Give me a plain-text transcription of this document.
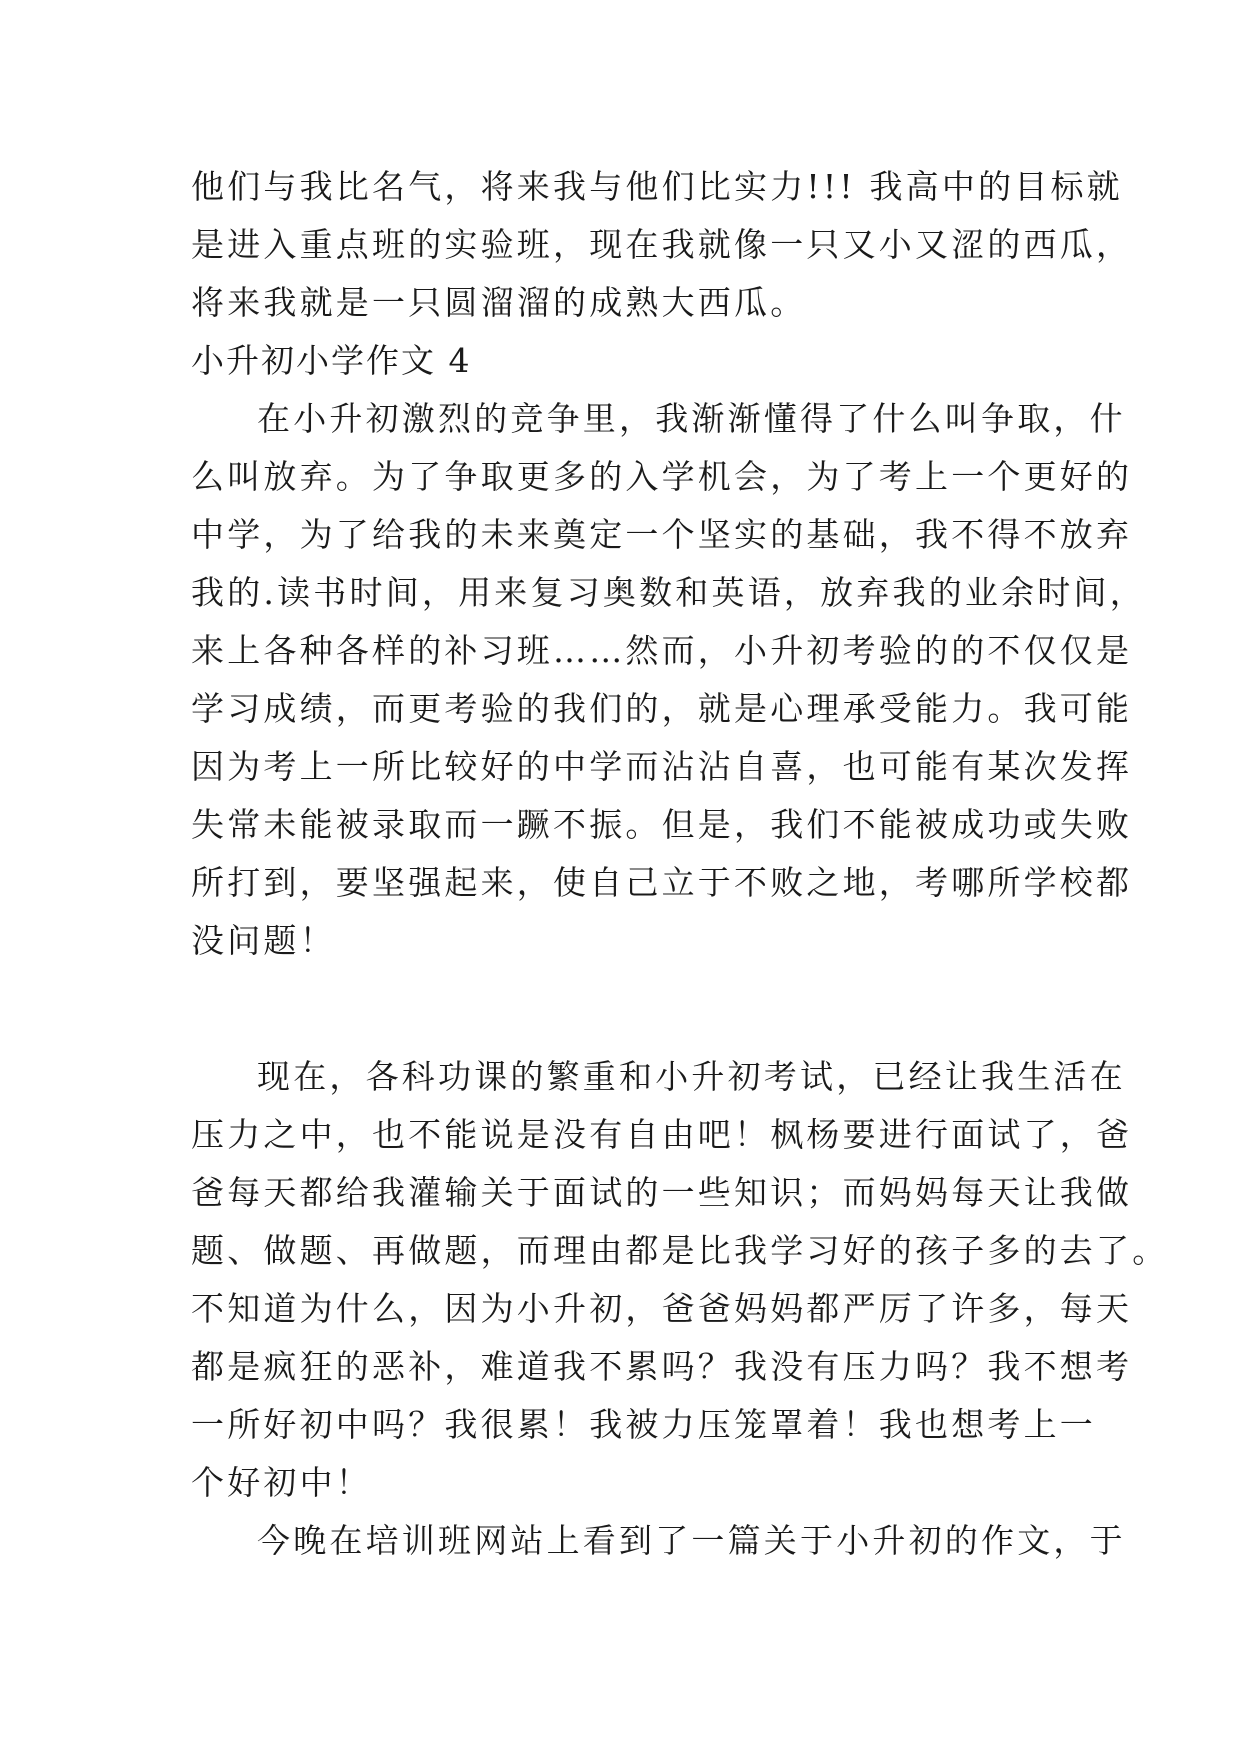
他们与我比名气，将来我与他们比实力!!! 我高中的目标就
是进入重点班的实验班，现在我就像一只又小又涩的西瓜，
将来我就是一只圆溜溜的成熟大西瓜。
小升初小学作文 4
在小升初激烈的竞争里，我渐渐懂得了什么叫争取，什
么叫放弃。为了争取更多的入学机会，为了考上一个更好的
中学，为了给我的未来奠定一个坚实的基础，我不得不放弃
我的.读书时间，用来复习奥数和英语，放弃我的业余时间，
来上各种各样的补习班……然而，小升初考验的的不仅仅是
学习成绩，而更考验的我们的，就是心理承受能力。我可能
因为考上一所比较好的中学而沾沾自喜，也可能有某次发挥
失常未能被录取而一蹶不振。但是，我们不能被成功或失败
所打到，要坚强起来，使自己立于不败之地，考哪所学校都
没问题！
现在，各科功课的繁重和小升初考试，已经让我生活在
压力之中，也不能说是没有自由吧！枫杨要进行面试了，爸
爸每天都给我灌输关于面试的一些知识；而妈妈每天让我做
题、做题、再做题，而理由都是比我学习好的孩子多的去了。
不知道为什么，因为小升初，爸爸妈妈都严厉了许多，每天
都是疯狂的恶补，难道我不累吗？我没有压力吗？我不想考
一所好初中吗？我很累！我被力压笼罩着！我也想考上一
个好初中！
今晚在培训班网站上看到了一篇关于小升初的作文，于
